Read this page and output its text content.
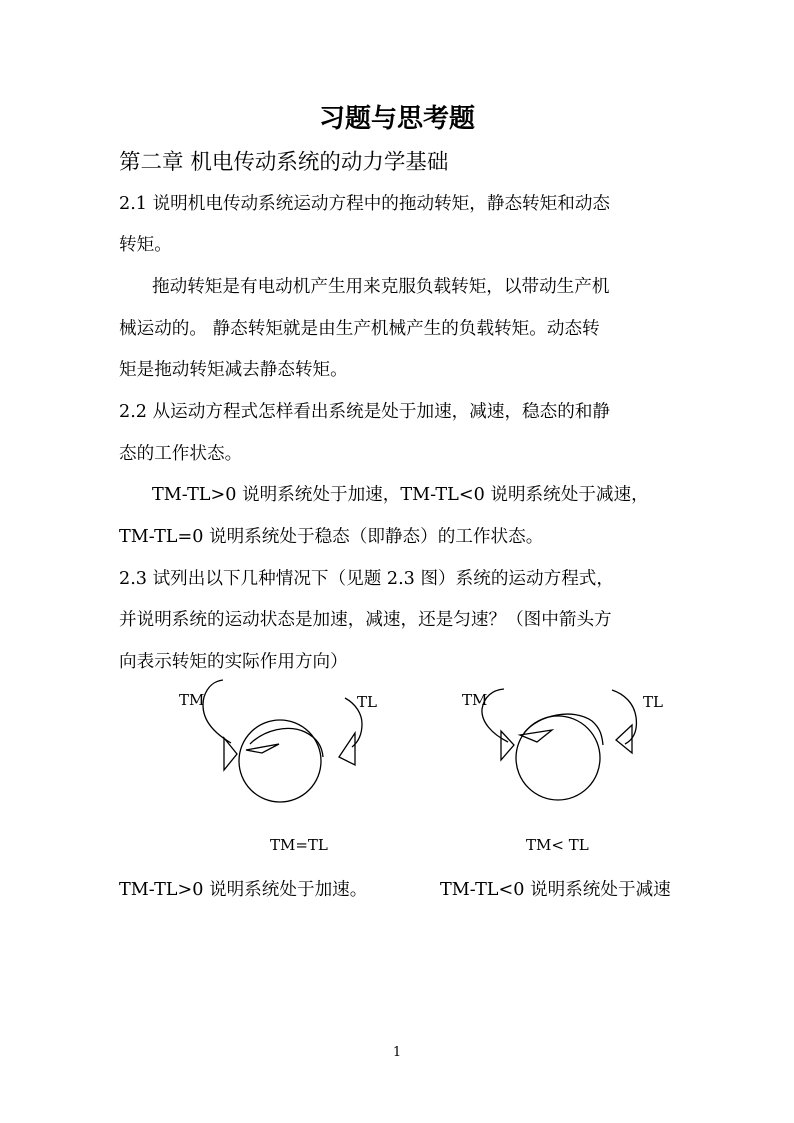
习题与思考题
第二章 机电传动系统的动力学基础
2.1 说明机电传动系统运动方程中的拖动转矩，静态转矩和动态
转矩。
拖动转矩是有电动机产生用来克服负载转矩，以带动生产机
械运动的。 静态转矩就是由生产机械产生的负载转矩。动态转
矩是拖动转矩减去静态转矩。
2.2 从运动方程式怎样看出系统是处于加速，减速，稳态的和静
态的工作状态。
TM-TL>0 说明系统处于加速，TM-TL<0 说明系统处于减速，
TM-TL=0 说明系统处于稳态（即静态）的工作状态。
2.3 试列出以下几种情况下（见题 2.3 图）系统的运动方程式，
并说明系统的运动状态是加速，减速，还是匀速？（图中箭头方
向表示转矩的实际作用方向）
TM	TL	TM	TL
TM=TL	TM< TL
TM-TL>0 说明系统处于加速。	TM-TL<0 说明系统处于减速
1
